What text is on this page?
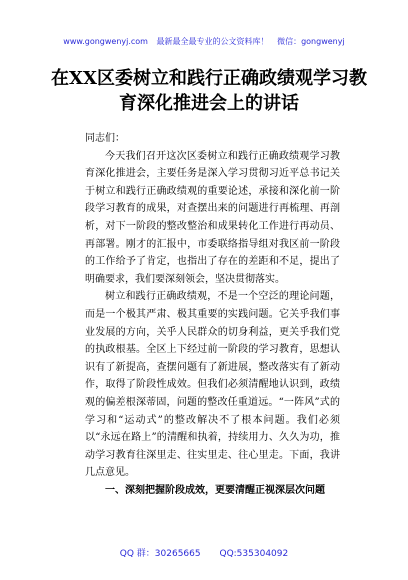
www.gongwenyj.com 最新最全最专业的公文资料库！ 微信：gongwenyj
在XX区委树立和践行正确政绩观学习教育深化推进会上的讲话

同志们：

今天我们召开这次区委树立和践行正确政绩观学习教育深化推进会，主要任务是深入学习贯彻习近平总书记关于树立和践行正确政绩观的重要论述，承接和深化前一阶段学习教育的成果，对查摆出来的问题进行再梳理、再剖析，对下一阶段的整改整治和成果转化工作进行再动员、再部署。刚才的汇报中，市委联络指导组对我区前一阶段的工作给予了肯定，也指出了存在的差距和不足，提出了明确要求，我们要深刻领会，坚决贯彻落实。

树立和践行正确政绩观，不是一个空泛的理论问题，而是一个极其严肃、极其重要的实践问题。它关乎我们事业发展的方向，关乎人民群众的切身利益，更关乎我们党的执政根基。全区上下经过前一阶段的学习教育，思想认识有了新提高，查摆问题有了新进展，整改落实有了新动作，取得了阶段性成效。但我们必须清醒地认识到，政绩观的偏差根深蒂固，问题的整改任重道远。“一阵风”式的学习和“运动式”的整改解决不了根本问题。我们必须以“永远在路上”的清醒和执着，持续用力、久久为功，推动学习教育往深里走、往实里走、往心里走。下面，我讲几点意见。

一、深刻把握阶段成效，更要清醒正视深层次问题

QQ 群：30265665 QQ:535304092
